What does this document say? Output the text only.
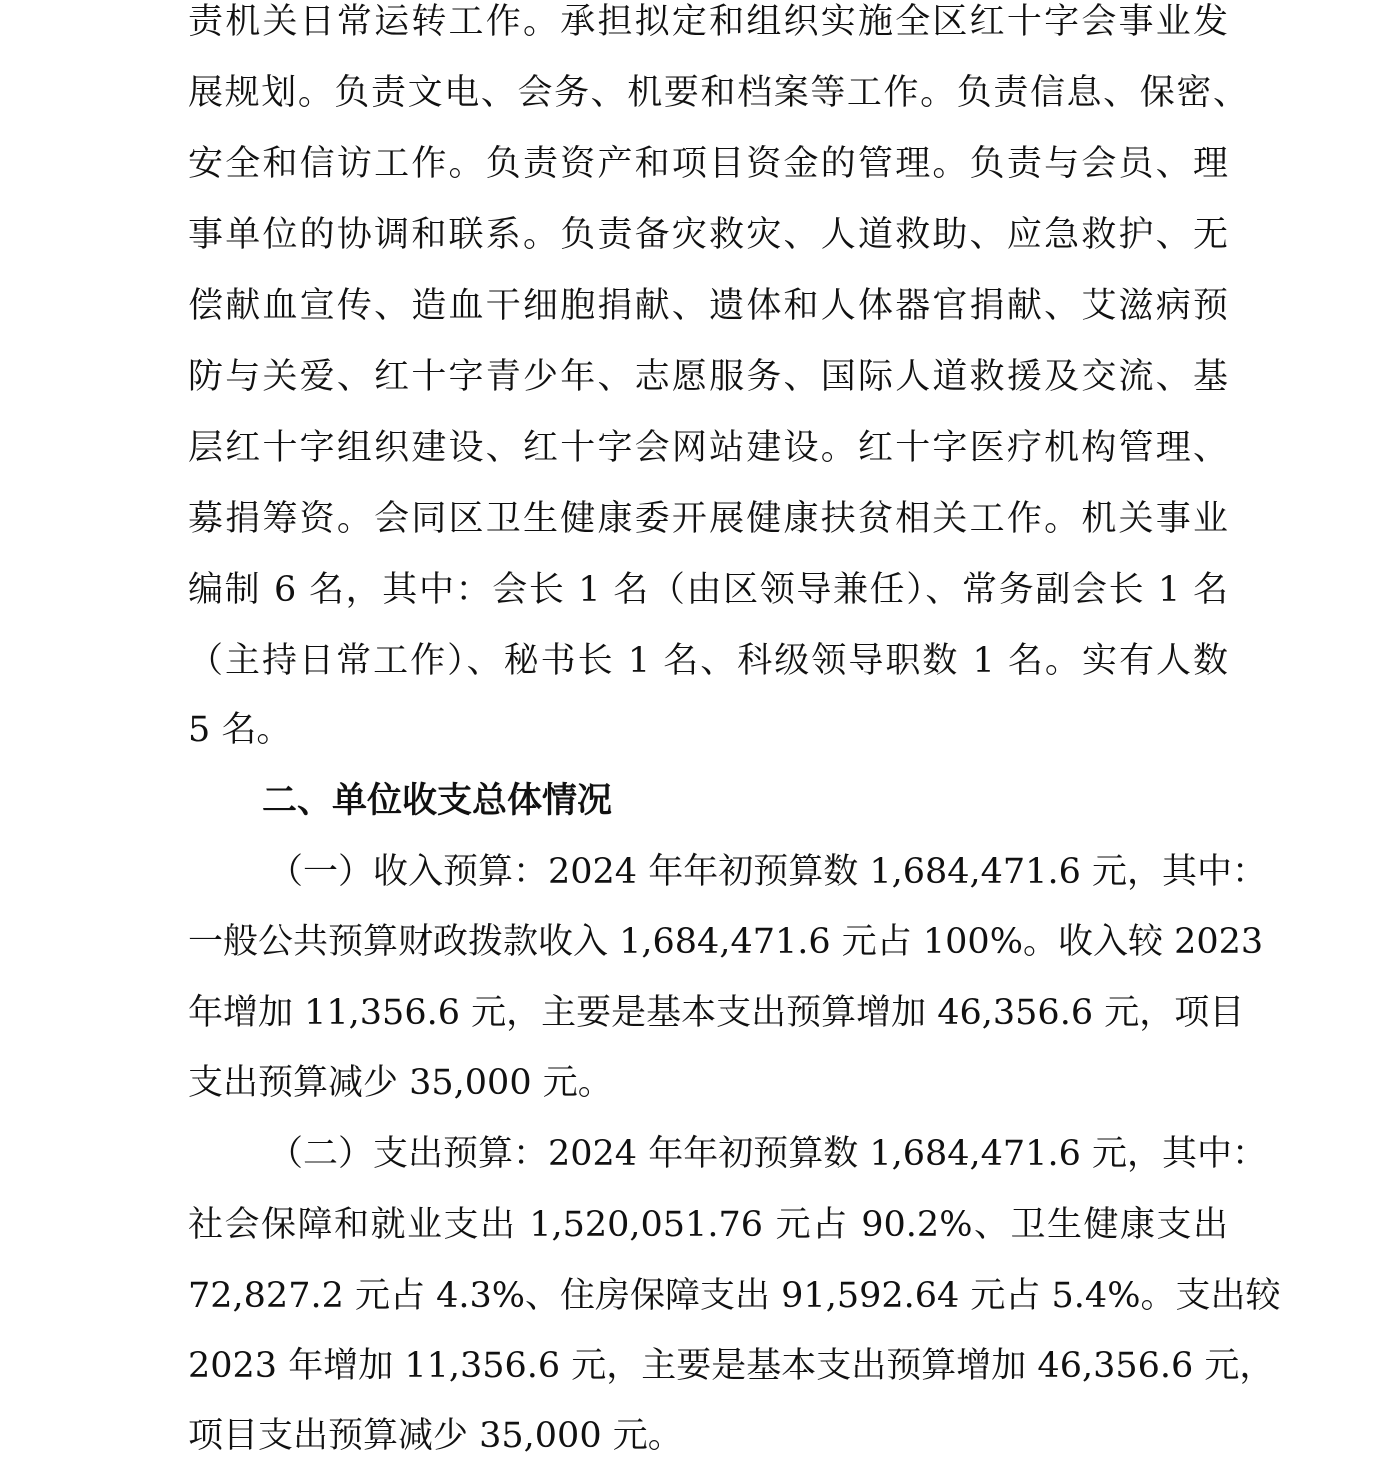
责机关日常运转工作。承担拟定和组织实施全区红十字会事业发
展规划。负责文电、会务、机要和档案等工作。负责信息、保密、
安全和信访工作。负责资产和项目资金的管理。负责与会员、理
事单位的协调和联系。负责备灾救灾、人道救助、应急救护、无
偿献血宣传、造血干细胞捐献、遗体和人体器官捐献、艾滋病预
防与关爱、红十字青少年、志愿服务、国际人道救援及交流、基
层红十字组织建设、红十字会网站建设。红十字医疗机构管理、
募捐筹资。会同区卫生健康委开展健康扶贫相关工作。机关事业
编制 6 名，其中：会长 1 名（由区领导兼任）、常务副会长 1 名
（主持日常工作）、秘书长 1 名、科级领导职数 1 名。实有人数
5 名。
二、单位收支总体情况
（一）收入预算：2024 年年初预算数 1,684,471.6 元，其中：
一般公共预算财政拨款收入 1,684,471.6 元占 100%。收入较 2023
年增加 11,356.6 元，主要是基本支出预算增加 46,356.6 元，项目
支出预算减少 35,000 元。
（二）支出预算：2024 年年初预算数 1,684,471.6 元，其中：
社会保障和就业支出 1,520,051.76 元占 90.2%、卫生健康支出
72,827.2 元占 4.3%、住房保障支出 91,592.64 元占 5.4%。支出较
2023 年增加 11,356.6 元，主要是基本支出预算增加 46,356.6 元，
项目支出预算减少 35,000 元。
